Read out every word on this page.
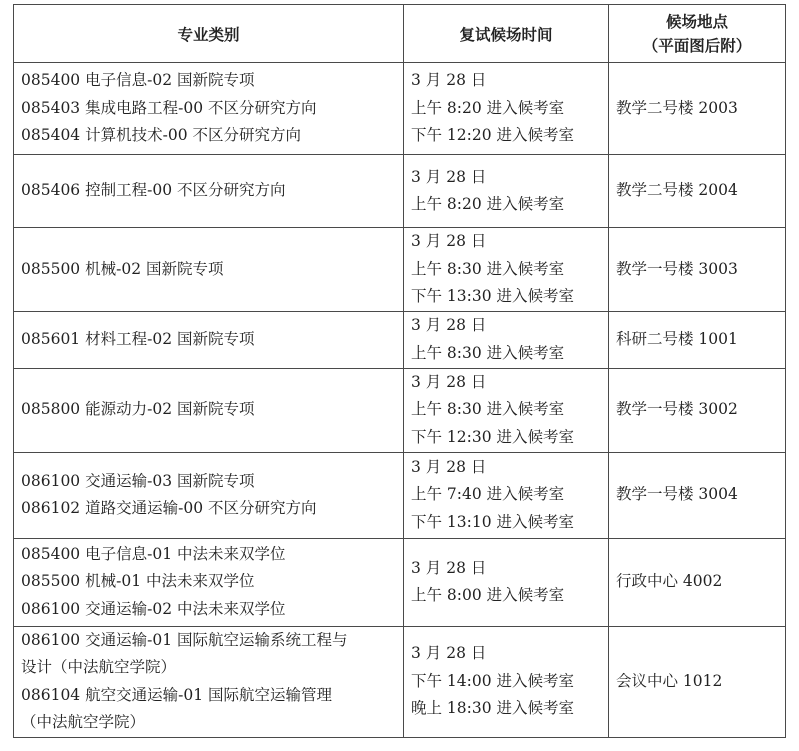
专业类别	复试候场时间	候场地点
（平面图后附）

085400 电子信息-02 国新院专项
085403 集成电路工程-00 不区分研究方向
085404 计算机技术-00 不区分研究方向	3 月 28 日
上午 8:20 进入候考室
下午 12:20 进入候考室	教学二号楼 2003

085406 控制工程-00 不区分研究方向	3 月 28 日
上午 8:20 进入候考室	教学二号楼 2004

085500 机械-02 国新院专项	3 月 28 日
上午 8:30 进入候考室
下午 13:30 进入候考室	教学一号楼 3003

085601 材料工程-02 国新院专项	3 月 28 日
上午 8:30 进入候考室	科研二号楼 1001

085800 能源动力-02 国新院专项	3 月 28 日
上午 8:30 进入候考室
下午 12:30 进入候考室	教学一号楼 3002

086100 交通运输-03 国新院专项
086102 道路交通运输-00 不区分研究方向	3 月 28 日
上午 7:40 进入候考室
下午 13:10 进入候考室	教学一号楼 3004

085400 电子信息-01 中法未来双学位
085500 机械-01 中法未来双学位
086100 交通运输-02 中法未来双学位	3 月 28 日
上午 8:00 进入候考室	行政中心 4002

086100 交通运输-01 国际航空运输系统工程与
设计（中法航空学院）
086104 航空交通运输-01 国际航空运输管理
（中法航空学院）	3 月 28 日
下午 14:00 进入候考室
晚上 18:30 进入候考室	会议中心 1012
